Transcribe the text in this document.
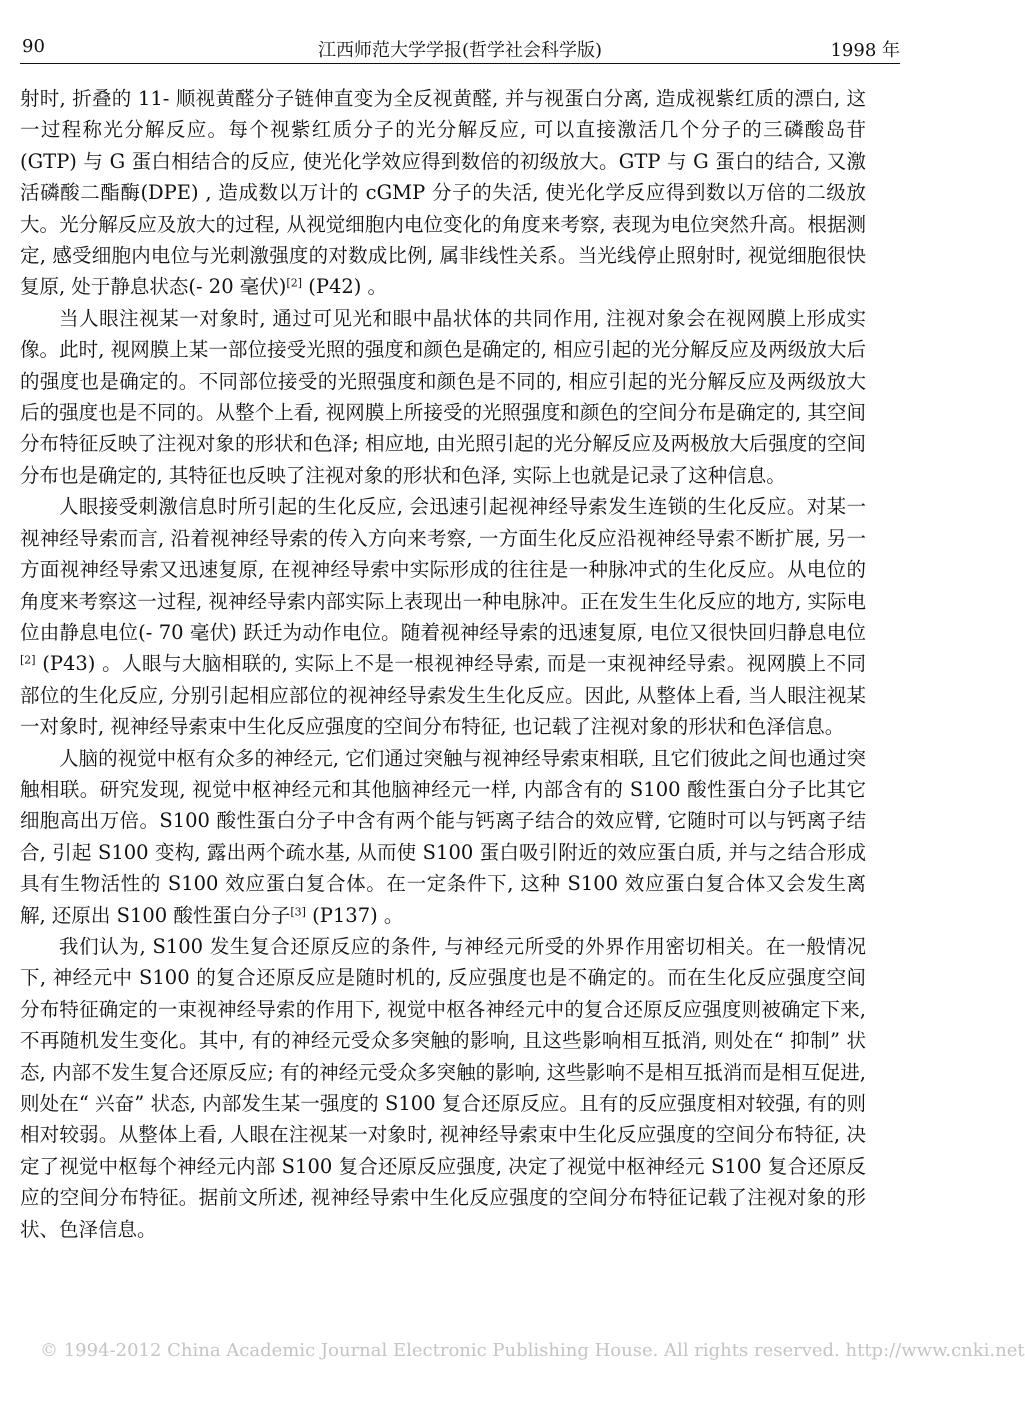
90	江西师范大学学报(哲学社会科学版)	1998 年

射时, 折叠的 11- 顺视黄醛分子链伸直变为全反视黄醛, 并与视蛋白分离, 造成视紫红质的漂白, 这一过程称光分解反应。每个视紫红质分子的光分解反应, 可以直接激活几个分子的三磷酸岛苷(GTP) 与 G 蛋白相结合的反应, 使光化学效应得到数倍的初级放大。GTP 与 G 蛋白的结合, 又激活磷酸二酯酶(DPE) , 造成数以万计的 cGMP 分子的失活, 使光化学反应得到数以万倍的二级放大。光分解反应及放大的过程, 从视觉细胞内电位变化的角度来考察, 表现为电位突然升高。根据测定, 感受细胞内电位与光刺激强度的对数成比例, 属非线性关系。当光线停止照射时, 视觉细胞很快复原, 处于静息状态(- 20 毫伏)[2] (P42) 。

当人眼注视某一对象时, 通过可见光和眼中晶状体的共同作用, 注视对象会在视网膜上形成实像。此时, 视网膜上某一部位接受光照的强度和颜色是确定的, 相应引起的光分解反应及两级放大后的强度也是确定的。不同部位接受的光照强度和颜色是不同的, 相应引起的光分解反应及两级放大后的强度也是不同的。从整个上看, 视网膜上所接受的光照强度和颜色的空间分布是确定的, 其空间分布特征反映了注视对象的形状和色泽; 相应地, 由光照引起的光分解反应及两极放大后强度的空间分布也是确定的, 其特征也反映了注视对象的形状和色泽, 实际上也就是记录了这种信息。

人眼接受刺激信息时所引起的生化反应, 会迅速引起视神经导索发生连锁的生化反应。对某一视神经导索而言, 沿着视神经导索的传入方向来考察, 一方面生化反应沿视神经导索不断扩展, 另一方面视神经导索又迅速复原, 在视神经导索中实际形成的往往是一种脉冲式的生化反应。从电位的角度来考察这一过程, 视神经导索内部实际上表现出一种电脉冲。正在发生生化反应的地方, 实际电位由静息电位(- 70 毫伏) 跃迁为动作电位。随着视神经导索的迅速复原, 电位又很快回归静息电位[2] (P43) 。人眼与大脑相联的, 实际上不是一根视神经导索, 而是一束视神经导索。视网膜上不同部位的生化反应, 分别引起相应部位的视神经导索发生生化反应。因此, 从整体上看, 当人眼注视某一对象时, 视神经导索束中生化反应强度的空间分布特征, 也记载了注视对象的形状和色泽信息。

人脑的视觉中枢有众多的神经元, 它们通过突触与视神经导索束相联, 且它们彼此之间也通过突触相联。研究发现, 视觉中枢神经元和其他脑神经元一样, 内部含有的 S100 酸性蛋白分子比其它细胞高出万倍。S100 酸性蛋白分子中含有两个能与钙离子结合的效应臂, 它随时可以与钙离子结合, 引起 S100 变构, 露出两个疏水基, 从而使 S100 蛋白吸引附近的效应蛋白质, 并与之结合形成具有生物活性的 S100 效应蛋白复合体。在一定条件下, 这种 S100 效应蛋白复合体又会发生离解, 还原出 S100 酸性蛋白分子[3] (P137) 。

我们认为, S100 发生复合还原反应的条件, 与神经元所受的外界作用密切相关。在一般情况下, 神经元中 S100 的复合还原反应是随时机的, 反应强度也是不确定的。而在生化反应强度空间分布特征确定的一束视神经导索的作用下, 视觉中枢各神经元中的复合还原反应强度则被确定下来, 不再随机发生变化。其中, 有的神经元受众多突触的影响, 且这些影响相互抵消, 则处在“ 抑制” 状态, 内部不发生复合还原反应; 有的神经元受众多突触的影响, 这些影响不是相互抵消而是相互促进, 则处在“ 兴奋” 状态, 内部发生某一强度的 S100 复合还原反应。且有的反应强度相对较强, 有的则相对较弱。从整体上看, 人眼在注视某一对象时, 视神经导索束中生化反应强度的空间分布特征, 决定了视觉中枢每个神经元内部 S100 复合还原反应强度, 决定了视觉中枢神经元 S100 复合还原反应的空间分布特征。据前文所述, 视神经导索中生化反应强度的空间分布特征记载了注视对象的形状、色泽信息。

© 1994-2012 China Academic Journal Electronic Publishing House. All rights reserved. http://www.cnki.net
